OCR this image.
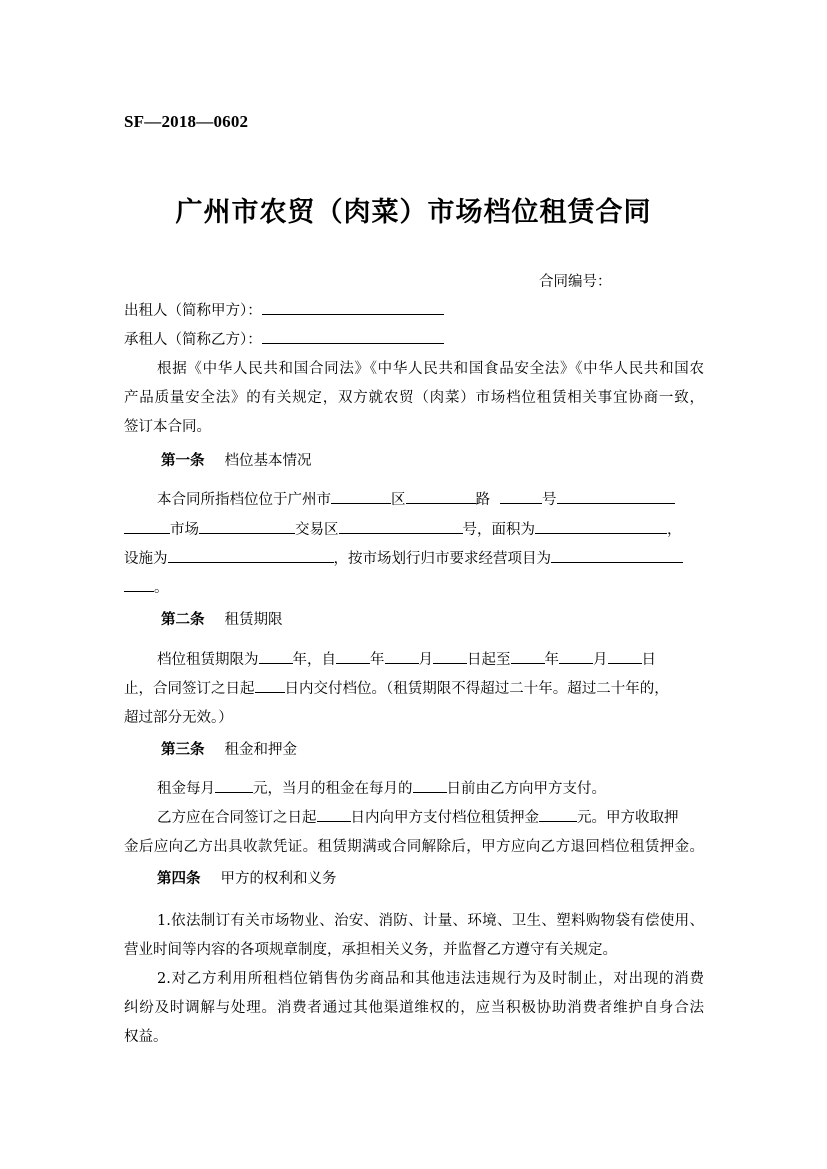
SF—2018—0602
广州市农贸（肉菜）市场档位租赁合同
合同编号：
出租人（简称甲方）：
承租人（简称乙方）：
根据《中华人民共和国合同法》《中华人民共和国食品安全法》《中华人民共和国农
产品质量安全法》的有关规定，双方就农贸（肉菜）市场档位租赁相关事宜协商一致，
签订本合同。
第一条 档位基本情况
本合同所指档位位于广州市	区	路	号
市场	交易区	号，面积为	，
设施为	，按市场划行归市要求经营项目为
。
第二条 租赁期限
档位租赁期限为 年，自 年 月 日起至 年 月 日
止，合同签订之日起 日内交付档位。（租赁期限不得超过二十年。超过二十年的，
超过部分无效。）
第三条 租金和押金
租金每月	元，当月的租金在每月的 日前由乙方向甲方支付。
乙方应在合同签订之日起 日内向甲方支付档位租赁押金	元。甲方收取押
金后应向乙方出具收款凭证。租赁期满或合同解除后，甲方应向乙方退回档位租赁押金。
第四条 甲方的权利和义务
1.依法制订有关市场物业、治安、消防、计量、环境、卫生、塑料购物袋有偿使用、
营业时间等内容的各项规章制度，承担相关义务，并监督乙方遵守有关规定。
2.对乙方利用所租档位销售伪劣商品和其他违法违规行为及时制止，对出现的消费
纠纷及时调解与处理。消费者通过其他渠道维权的，应当积极协助消费者维护自身合法
权益。
